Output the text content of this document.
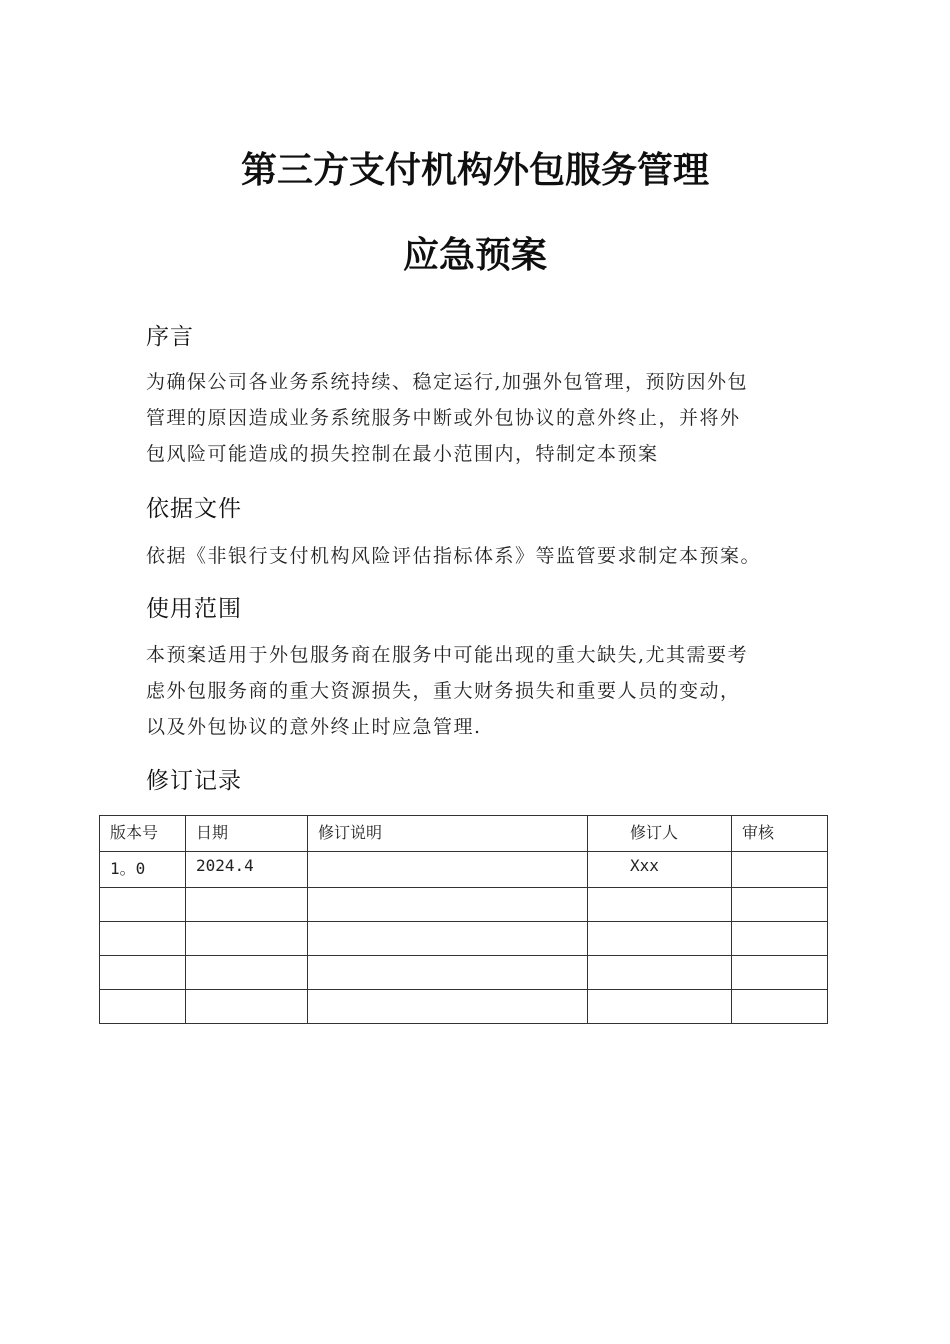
第三方支付机构外包服务管理
应急预案
序言
为确保公司各业务系统持续、稳定运行,加强外包管理，预防因外包
管理的原因造成业务系统服务中断或外包协议的意外终止，并将外
包风险可能造成的损失控制在最小范围内，特制定本预案
依据文件
依据《非银行支付机构风险评估指标体系》等监管要求制定本预案。
使用范围
本预案适用于外包服务商在服务中可能出现的重大缺失,尤其需要考
虑外包服务商的重大资源损失，重大财务损失和重要人员的变动，
以及外包协议的意外终止时应急管理.
修订记录
版本号	日期	修订说明	修订人	审核
1。0	2024.4		Xxx	
